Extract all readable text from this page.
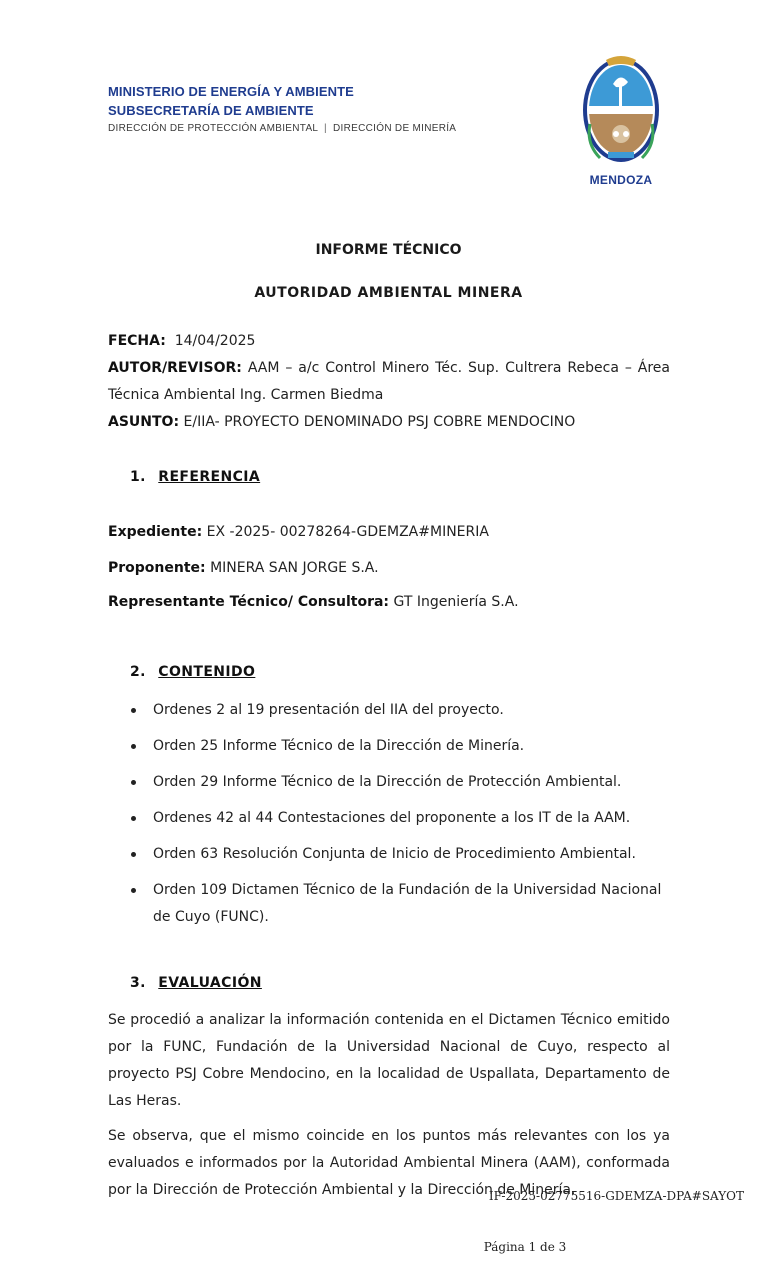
MINISTERIO DE ENERGÍA Y AMBIENTE
SUBSECRETARÍA DE AMBIENTE
DIRECCIÓN DE PROTECCIÓN AMBIENTAL | DIRECCIÓN DE MINERÍA
MENDOZA
INFORME TÉCNICO
AUTORIDAD AMBIENTAL MINERA

FECHA: 14/04/2025

AUTOR/REVISOR: AAM – a/c Control Minero Téc. Sup. Cultrera Rebeca – Área Técnica Ambiental Ing. Carmen Biedma

ASUNTO: E/IIA- PROYECTO DENOMINADO PSJ COBRE MENDOCINO

1. REFERENCIA
Expediente: EX -2025- 00278264-GDEMZA#MINERIA
Proponente: MINERA SAN JORGE S.A.
Representante Técnico/ Consultora: GT Ingeniería S.A.
2. CONTENIDO
Ordenes 2 al 19 presentación del IIA del proyecto.
Orden 25 Informe Técnico de la Dirección de Minería.
Orden 29 Informe Técnico de la Dirección de Protección Ambiental.
Ordenes 42 al 44 Contestaciones del proponente a los IT de la AAM.
Orden 63 Resolución Conjunta de Inicio de Procedimiento Ambiental.
Orden 109 Dictamen Técnico de la Fundación de la Universidad Nacional de Cuyo (FUNC).
3. EVALUACIÓN

Se procedió a analizar la información contenida en el Dictamen Técnico emitido por la FUNC, Fundación de la Universidad Nacional de Cuyo, respecto al proyecto PSJ Cobre Mendocino, en la localidad de Uspallata, Departamento de Las Heras.

Se observa, que el mismo coincide en los puntos más relevantes con los ya evaluados e informados por la Autoridad Ambiental Minera (AAM), conformada por la Dirección de Protección Ambiental y la Dirección de Minería.

IF-2025-02775516-GDEMZA-DPA#SAYOT
Página 1 de 3
